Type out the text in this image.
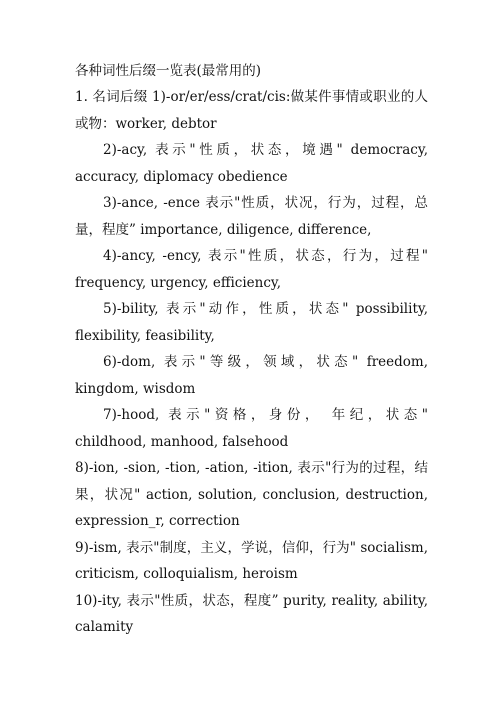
各种词性后缀一览表(最常用的)

1. 名词后缀 1)-or/er/ess/crat/cis:做某件事情或职业的人或物：worker, debtor

2)-acy, 表示"性质，状态，境遇" democracy, accuracy, diplomacy obedience

3)-ance, -ence 表示"性质，状况，行为，过程，总量，程度” importance, diligence, difference,

4)-ancy, -ency, 表示"性质，状态，行为，过程" frequency, urgency, efficiency,

5)-bility, 表示"动作，性质，状态" possibility, flexibility, feasibility,

6)-dom, 表示"等级，领域，状态" freedom, kingdom, wisdom

7)-hood, 表示"资格，身份， 年纪，状态" childhood, manhood, falsehood

8)-ion, -sion, -tion, -ation, -ition, 表示"行为的过程，结果，状况" action, solution, conclusion, destruction, expression_r, correction

9)-ism, 表示"制度，主义，学说，信仰，行为" socialism, criticism, colloquialism, heroism

10)-ity, 表示"性质，状态，程度” purity, reality, ability, calamity
